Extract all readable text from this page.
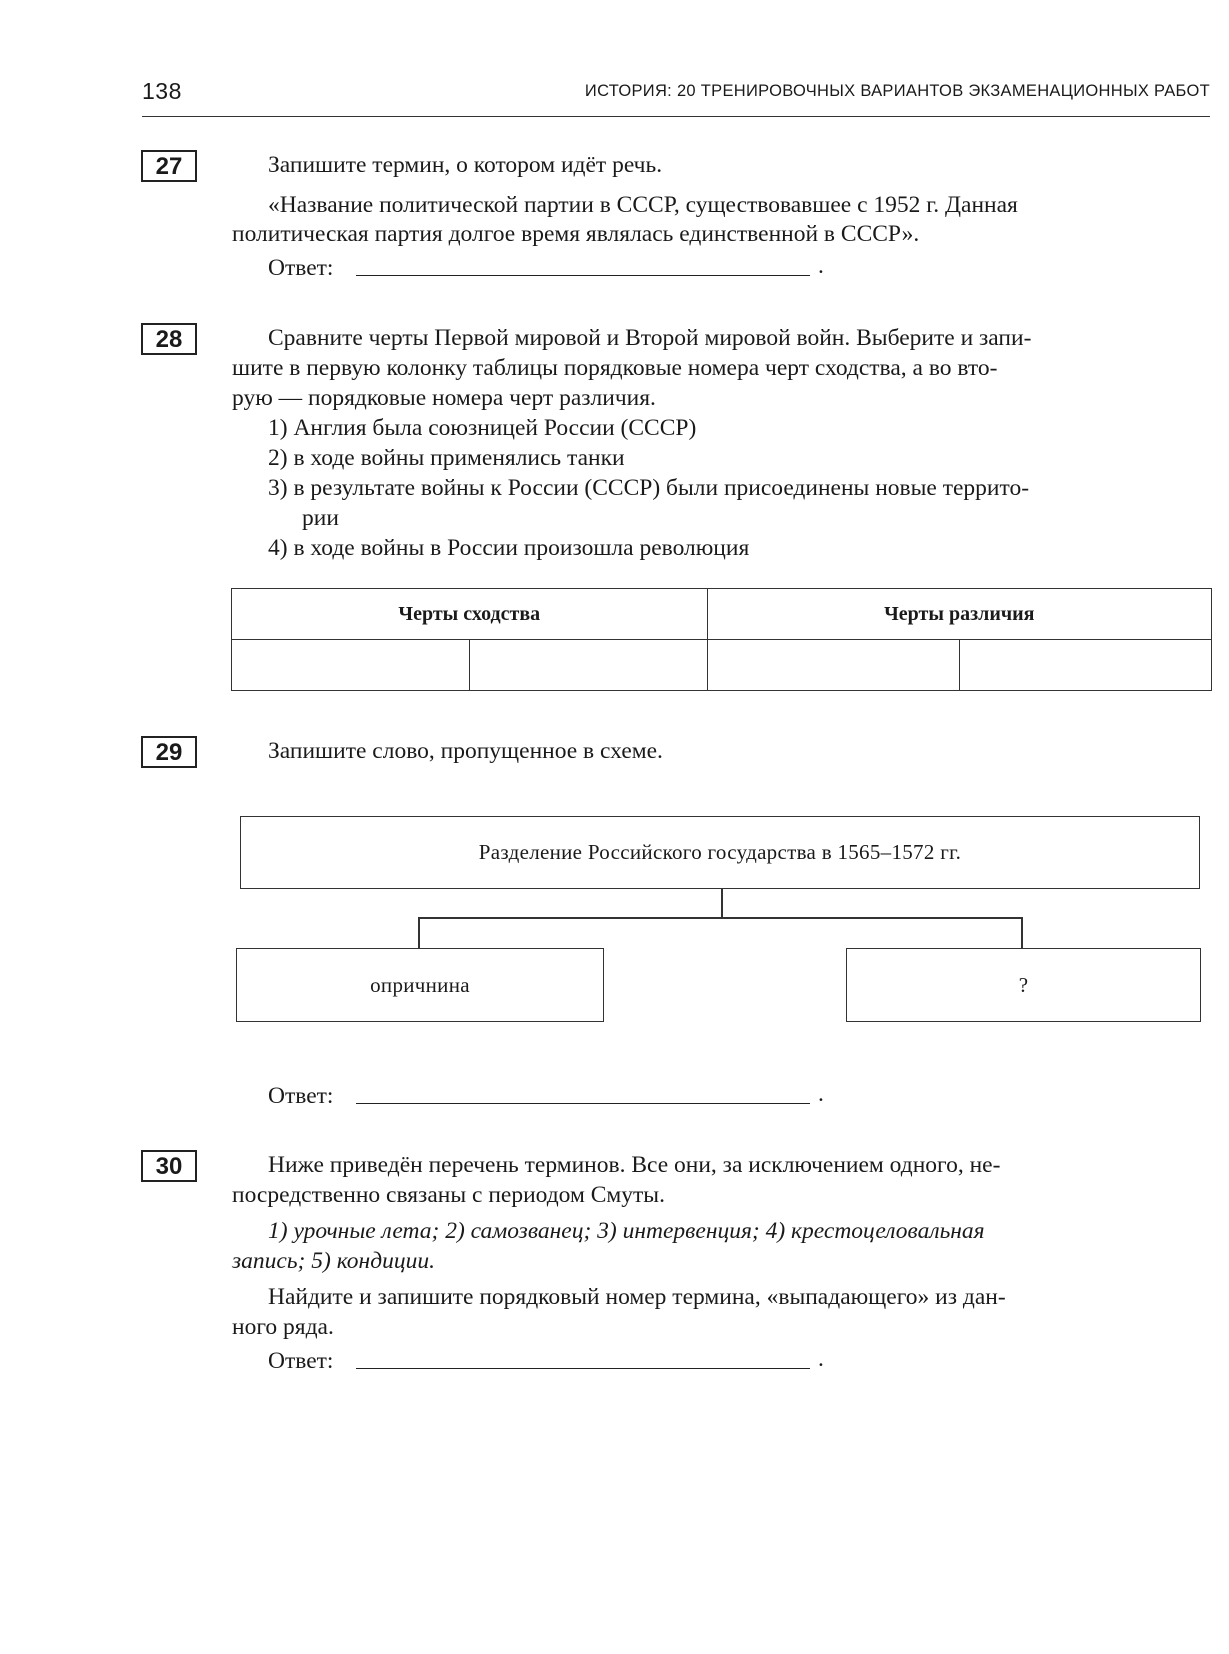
138	ИСТОРИЯ: 20 ТРЕНИРОВОЧНЫХ ВАРИАНТОВ ЭКЗАМЕНАЦИОННЫХ РАБОТ
27	Запишите термин, о котором идёт речь.
«Название политической партии в СССР, существовавшее с 1952 г. Данная
политическая партия долгое время являлась единственной в СССР».
Ответ:	.
28	Сравните черты Первой мировой и Второй мировой войн. Выберите и запи-
шите в первую колонку таблицы порядковые номера черт сходства, а во вто-
рую — порядковые номера черт различия.
1) Англия была союзницей России (СССР)
2) в ходе войны применялись танки
3) в результате войны к России (СССР) были присоединены новые террито-
рии
4) в ходе войны в России произошла революция
Черты сходства		Черты различия	

29	Запишите слово, пропущенное в схеме.
Разделение Российского государства в 1565–1572 гг.
опричнина	?
Ответ:	.
30	Ниже приведён перечень терминов. Все они, за исключением одного, не-
посредственно связаны с периодом Смуты.
1) урочные лета; 2) самозванец; 3) интервенция; 4) крестоцеловальная
запись; 5) кондиции.
Найдите и запишите порядковый номер термина, «выпадающего» из дан-
ного ряда.
Ответ:	.
